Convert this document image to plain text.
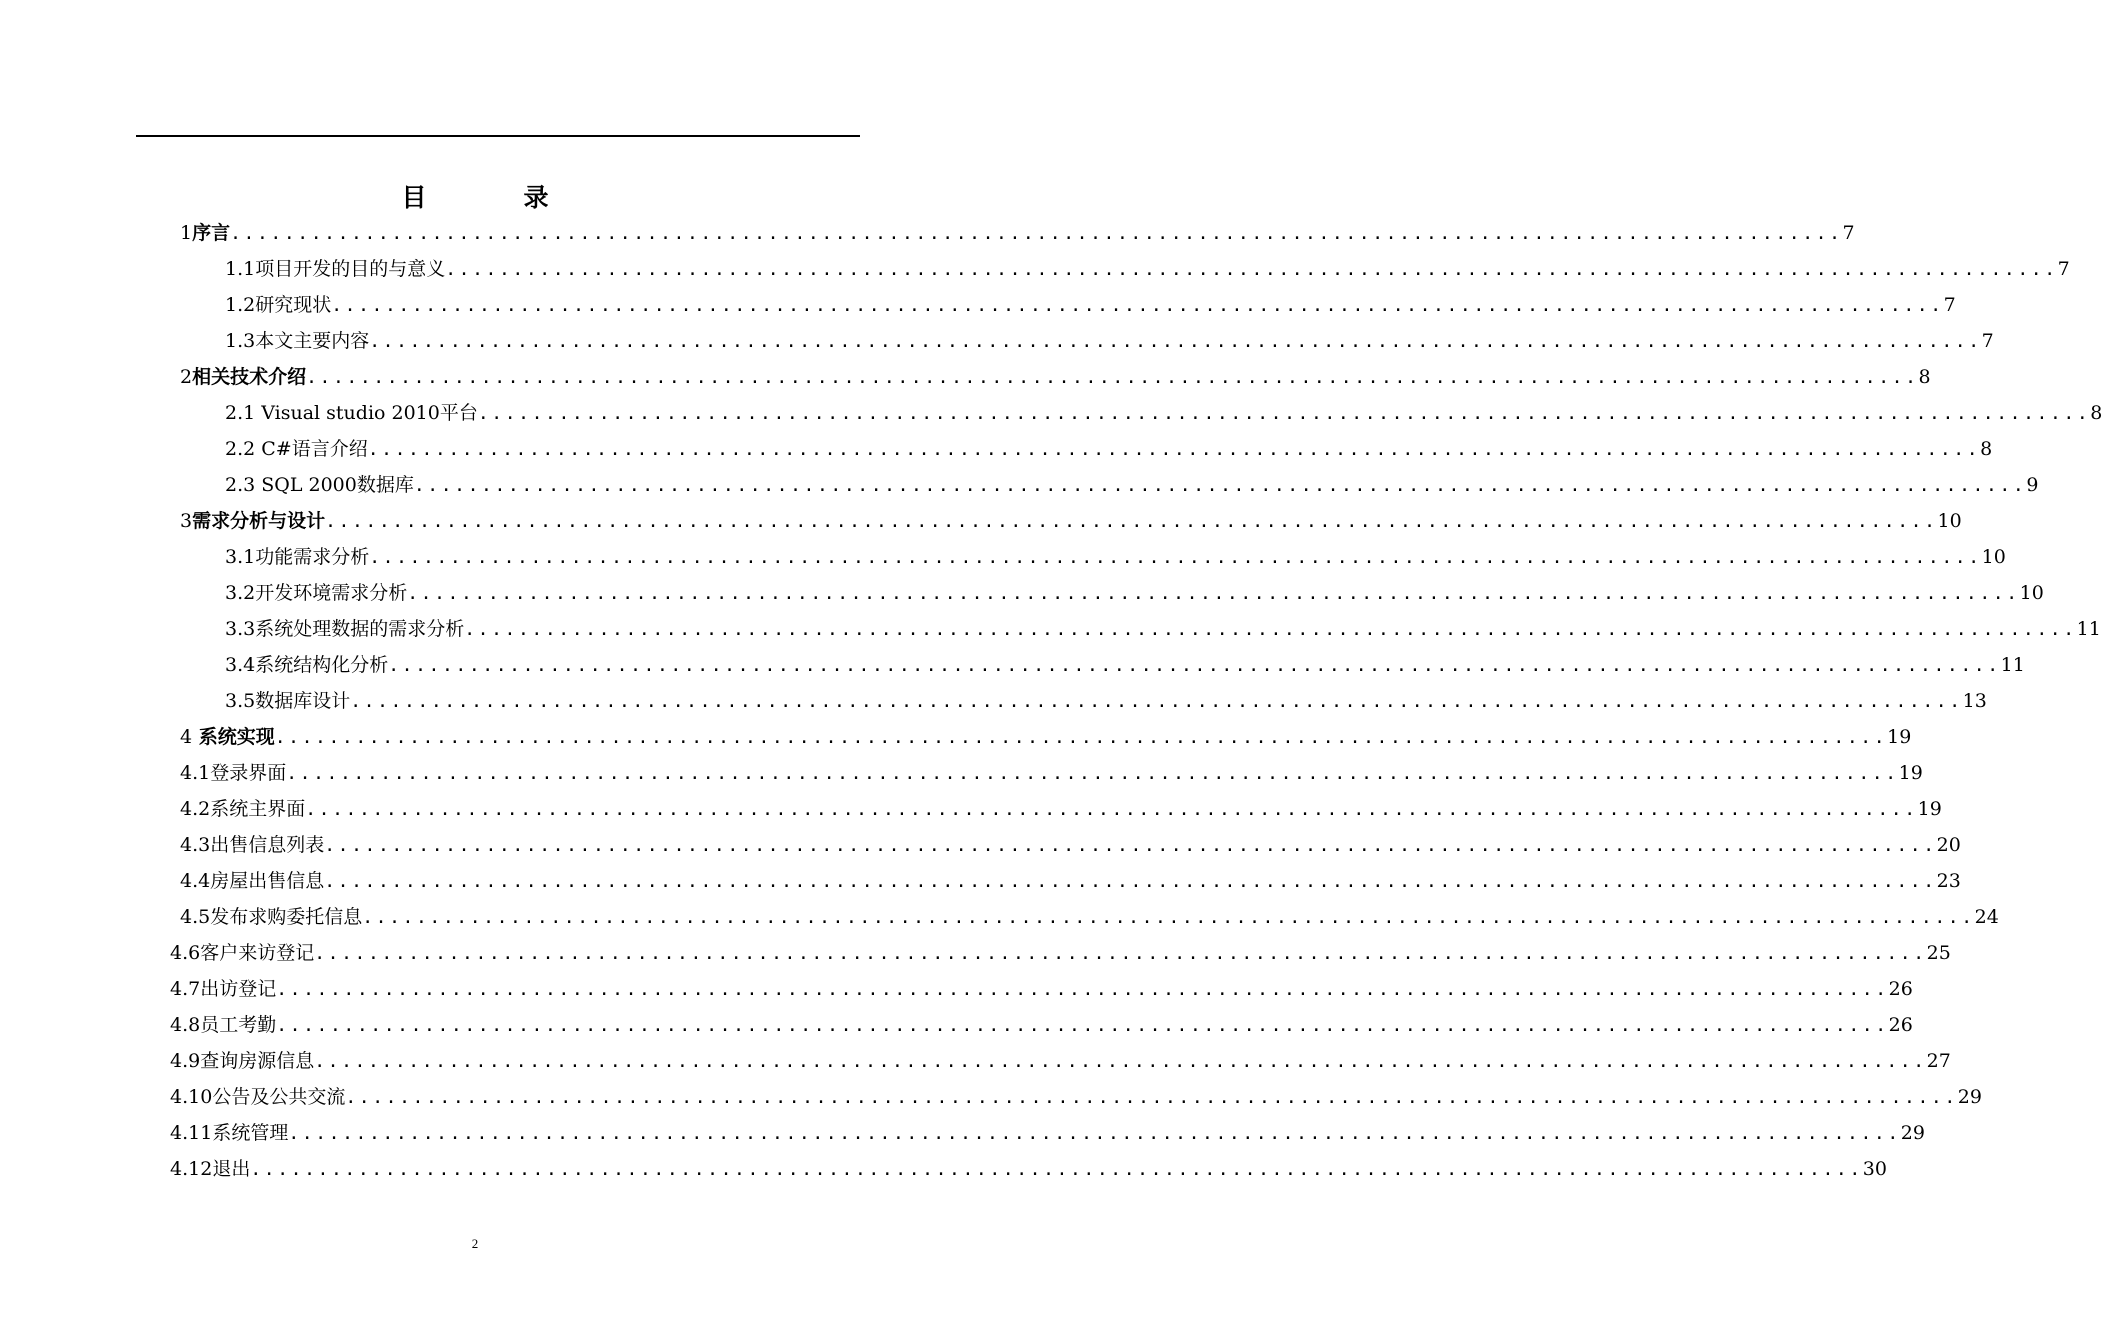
目　录
1序言 ........................................................................................................................ 7
1.1项目开发的目的与意义 ........................................................................................................................ 7
1.2研究现状 ........................................................................................................................ 7
1.3本文主要内容 ........................................................................................................................ 7
2相关技术介绍 ........................................................................................................................ 8
2.1 Visual studio 2010平台 ........................................................................................................................ 8
2.2 C#语言介绍 ........................................................................................................................ 8
2.3 SQL 2000数据库 ........................................................................................................................ 9
3需求分析与设计 ........................................................................................................................ 10
3.1功能需求分析 ........................................................................................................................ 10
3.2开发环境需求分析 ........................................................................................................................ 10
3.3系统处理数据的需求分析 ........................................................................................................................ 11
3.4系统结构化分析 ........................................................................................................................ 11
3.5数据库设计 ........................................................................................................................ 13
4 系统实现 ........................................................................................................................ 19
4.1登录界面 ........................................................................................................................ 19
4.2系统主界面 ........................................................................................................................ 19
4.3出售信息列表 ........................................................................................................................ 20
4.4房屋出售信息 ........................................................................................................................ 23
4.5发布求购委托信息 ........................................................................................................................ 24
4.6客户来访登记 ........................................................................................................................ 25
4.7出访登记 ........................................................................................................................ 26
4.8员工考勤 ........................................................................................................................ 26
4.9查询房源信息 ........................................................................................................................ 27
4.10公告及公共交流 ........................................................................................................................ 29
4.11系统管理 ........................................................................................................................ 29
4.12退出 ........................................................................................................................ 30
2
